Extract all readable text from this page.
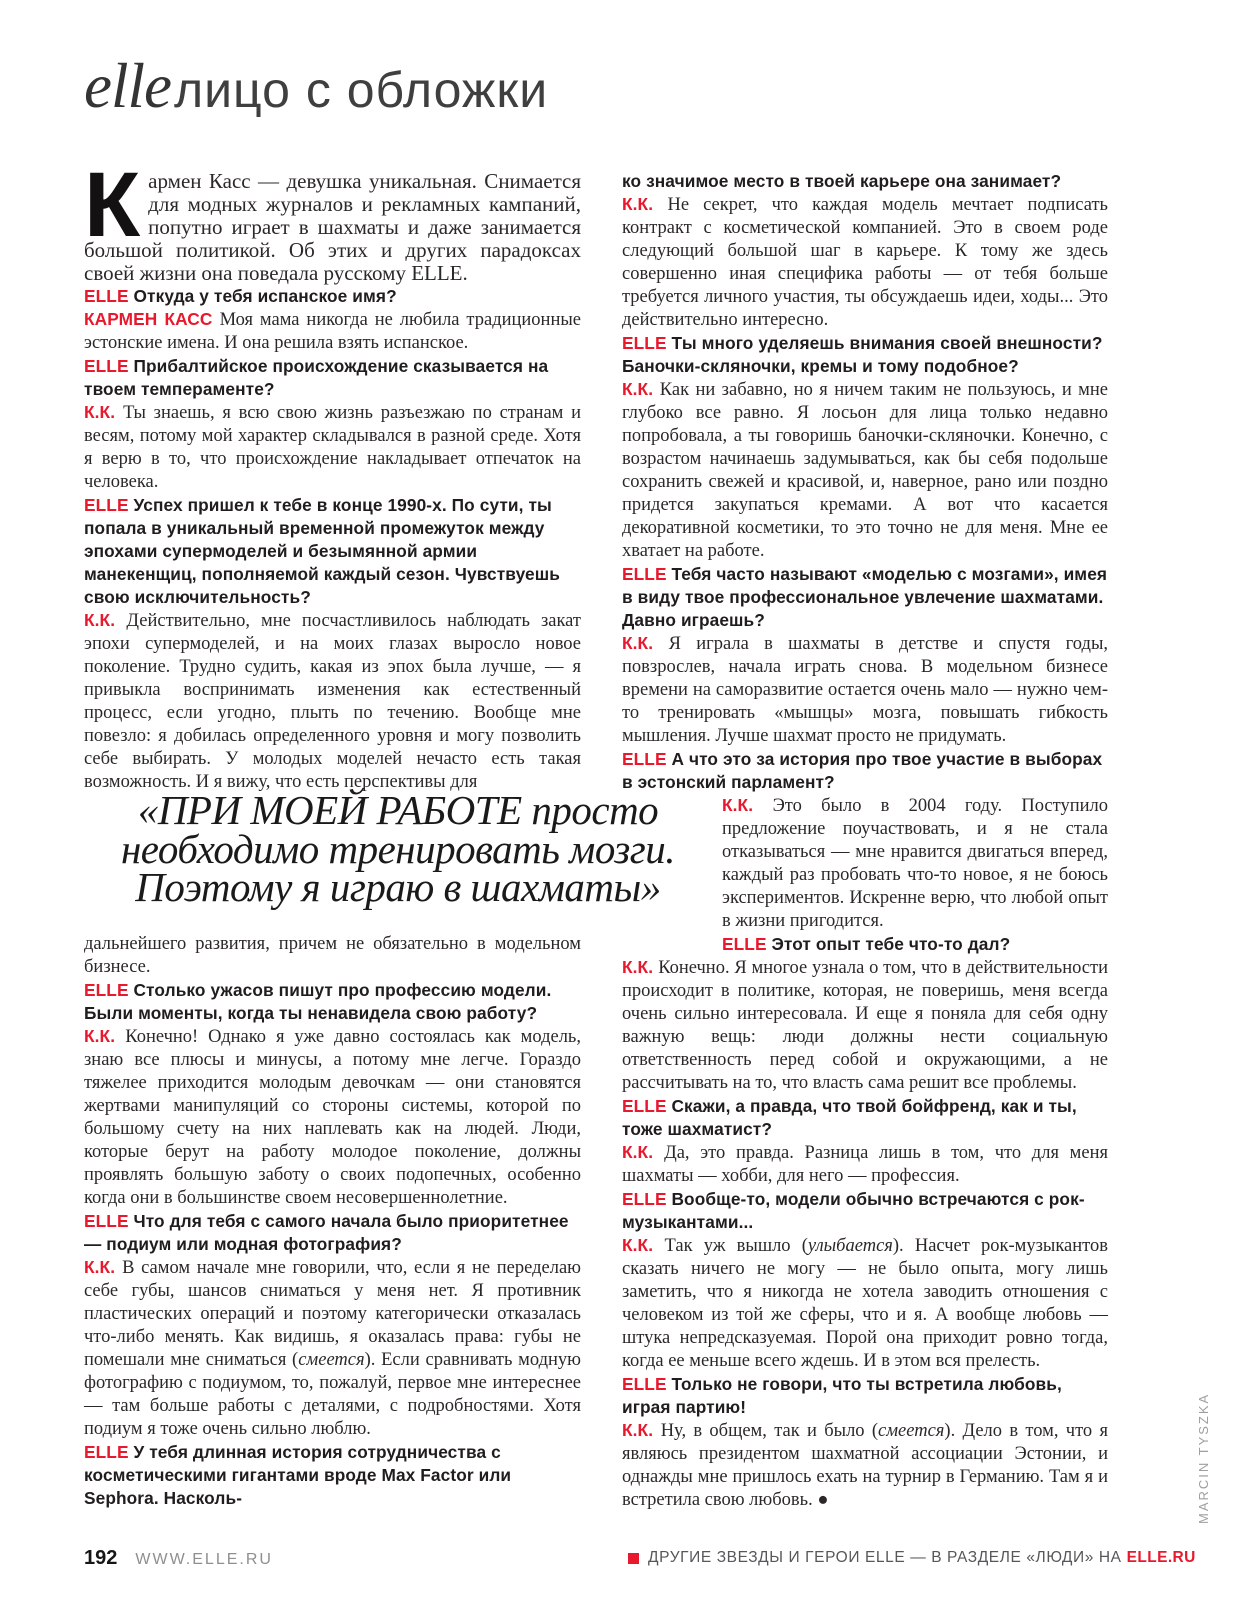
elleлицо с обложки

Кармен Касс — девушка уникальная. Снимается для модных журналов и рекламных кампаний, попутно играет в шахматы и даже занимается большой политикой. Об этих и других парадоксах своей жизни она поведала русскому ELLE.

ELLE Откуда у тебя испанское имя?

КАРМЕН КАСС Моя мама никогда не любила традиционные эстонские имена. И она решила взять испанское.

ELLE Прибалтийское происхождение сказывается на твоем темпераменте?

К.К. Ты знаешь, я всю свою жизнь разъезжаю по странам и весям, потому мой характер складывался в разной среде. Хотя я верю в то, что происхождение накладывает отпечаток на человека.

ELLE Успех пришел к тебе в конце 1990-х. По сути, ты попала в уникальный временной промежуток между эпохами супермоделей и безымянной армии манекенщиц, пополняемой каждый сезон. Чувствуешь свою исключительность?

К.К. Действительно, мне посчастливилось наблюдать закат эпохи супермоделей, и на моих глазах выросло новое поколение. Трудно судить, какая из эпох была лучше, — я привыкла воспринимать изменения как естественный процесс, если угодно, плыть по течению. Вообще мне повезло: я добилась определенного уровня и могу позволить себе выбирать. У молодых моделей нечасто есть такая возможность. И я вижу, что есть перспективы для

«ПРИ МОЕЙ РАБОТЕ просто
необходимо тренировать мозги.
Поэтому я играю в шахматы»

дальнейшего развития, причем не обязательно в модельном бизнесе.

ELLE Столько ужасов пишут про профессию модели. Были моменты, когда ты ненавидела свою работу?

К.К. Конечно! Однако я уже давно состоялась как модель, знаю все плюсы и минусы, а потому мне легче. Гораздо тяжелее приходится молодым девочкам — они становятся жертвами манипуляций со стороны системы, которой по большому счету на них наплевать как на людей. Люди, которые берут на работу молодое поколение, должны проявлять большую заботу о своих подопечных, особенно когда они в большинстве своем несовершеннолетние.

ELLE Что для тебя с самого начала было приоритетнее — подиум или модная фотография?

К.К. В самом начале мне говорили, что, если я не переделаю себе губы, шансов сниматься у меня нет. Я противник пластических операций и поэтому категорически отказалась что-либо менять. Как видишь, я оказалась права: губы не помешали мне сниматься (смеется). Если сравнивать модную фотографию с подиумом, то, пожалуй, первое мне интереснее — там больше работы с деталями, с подробностями. Хотя подиум я тоже очень сильно люблю.

ELLE У тебя длинная история сотрудничества с косметическими гигантами вроде Max Factor или Sephora. Насколь-

ко значимое место в твоей карьере она занимает?

К.К. Не секрет, что каждая модель мечтает подписать контракт с косметической компанией. Это в своем роде следующий большой шаг в карьере. К тому же здесь совершенно иная специфика работы — от тебя больше требуется личного участия, ты обсуждаешь идеи, ходы... Это действительно интересно.

ELLE Ты много уделяешь внимания своей внешности? Баночки-скляночки, кремы и тому подобное?

К.К. Как ни забавно, но я ничем таким не пользуюсь, и мне глубоко все равно. Я лосьон для лица только недавно попробовала, а ты говоришь баночки-скляночки. Конечно, с возрастом начинаешь задумываться, как бы себя подольше сохранить свежей и красивой, и, наверное, рано или поздно придется закупаться кремами. А вот что касается декоративной косметики, то это точно не для меня. Мне ее хватает на работе.

ELLE Тебя часто называют «моделью с мозгами», имея в виду твое профессиональное увлечение шахматами. Давно играешь?

К.К. Я играла в шахматы в детстве и спустя годы, повзрослев, начала играть снова. В модельном бизнесе времени на саморазвитие остается очень мало — нужно чем-то тренировать «мышцы» мозга, повышать гибкость мышления. Лучше шахмат просто не придумать.

ELLE А что это за история про твое участие в выборах в эстонский парламент?

К.К. Это было в 2004 году. Поступило предложение поучаствовать, и я не стала отказываться — мне нравится двигаться вперед, каждый раз пробовать что-то новое, я не боюсь экспериментов. Искренне верю, что любой опыт в жизни пригодится.

ELLE Этот опыт тебе что-то дал?

К.К. Конечно. Я многое узнала о том, что в действительности происходит в политике, которая, не поверишь, меня всегда очень сильно интересовала. И еще я поняла для себя одну важную вещь: люди должны нести социальную ответственность перед собой и окружающими, а не рассчитывать на то, что власть сама решит все проблемы.

ELLE Скажи, а правда, что твой бойфренд, как и ты, тоже шахматист?

К.К. Да, это правда. Разница лишь в том, что для меня шахматы — хобби, для него — профессия.

ELLE Вообще-то, модели обычно встречаются с рок-музыкантами...

К.К. Так уж вышло (улыбается). Насчет рок-музыкантов сказать ничего не могу — не было опыта, могу лишь заметить, что я никогда не хотела заводить отношения с человеком из той же сферы, что и я. А вообще любовь — штука непредсказуемая. Порой она приходит ровно тогда, когда ее меньше всего ждешь. И в этом вся прелесть.

ELLE Только не говори, что ты встретила любовь, играя партию!

К.К. Ну, в общем, так и было (смеется). Дело в том, что я являюсь президентом шахматной ассоциации Эстонии, и однажды мне пришлось ехать на турнир в Германию. Там я и встретила свою любовь. ●

192 WWW.ELLE.RU	ДРУГИЕ ЗВЕЗДЫ И ГЕРОИ ELLE — В РАЗДЕЛЕ «ЛЮДИ» НА ELLE.RU
MARCIN TYSZKA
